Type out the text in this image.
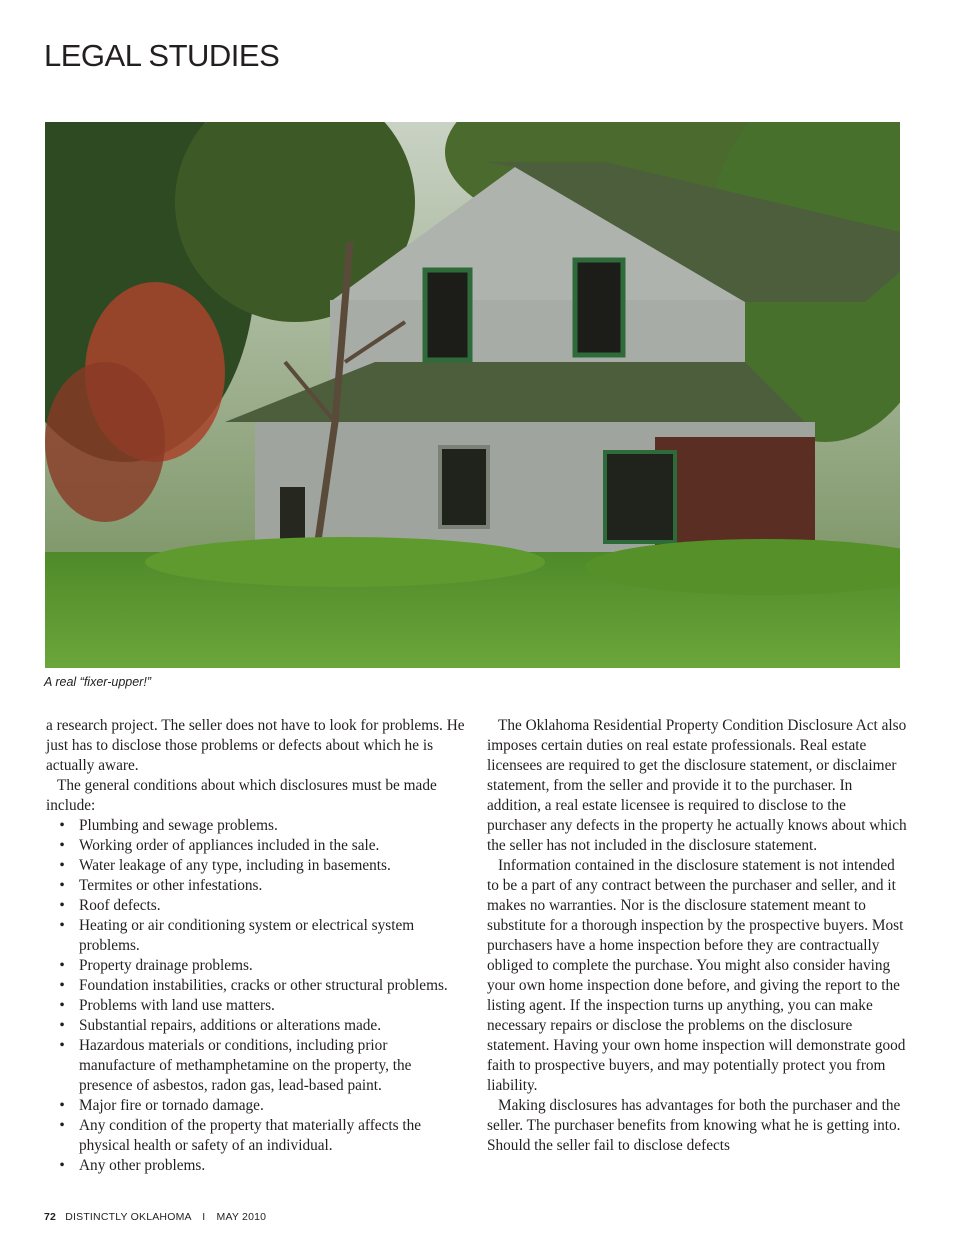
LEGAL STUDIES

A real “fixer-upper!”

a research project. The seller does not have to look for problems. He just has to disclose those problems or defects about which he is actually aware.

The general conditions about which disclosures must be made include:

• Plumbing and sewage problems.
• Working order of appliances included in the sale.
• Water leakage of any type, including in basements.
• Termites or other infestations.
• Roof defects.
• Heating or air conditioning system or electrical system problems.
• Property drainage problems.
• Foundation instabilities, cracks or other structural problems.
• Problems with land use matters.
• Substantial repairs, additions or alterations made.
• Hazardous materials or conditions, including prior manufacture of methamphetamine on the property, the presence of asbestos, radon gas, lead-based paint.
• Major fire or tornado damage.
• Any condition of the property that materially affects the physical health or safety of an individual.
• Any other problems.

The Oklahoma Residential Property Condition Disclosure Act also imposes certain duties on real estate professionals. Real estate licensees are required to get the disclosure statement, or disclaimer statement, from the seller and provide it to the purchaser. In addition, a real estate licensee is required to disclose to the purchaser any defects in the property he actually knows about which the seller has not included in the disclosure statement.

Information contained in the disclosure statement is not intended to be a part of any contract between the purchaser and seller, and it makes no warranties. Nor is the disclosure statement meant to substitute for a thorough inspection by the prospective buyers. Most purchasers have a home inspection before they are contractually obliged to complete the purchase. You might also consider having your own home inspection done before, and giving the report to the listing agent. If the inspection turns up anything, you can make necessary repairs or disclose the problems on the disclosure statement. Having your own home inspection will demonstrate good faith to prospective buyers, and may potentially protect you from liability.

Making disclosures has advantages for both the purchaser and the seller. The purchaser benefits from knowing what he is getting into. Should the seller fail to disclose defects

72 DISTINCTLY OKLAHOMA I MAY 2010
